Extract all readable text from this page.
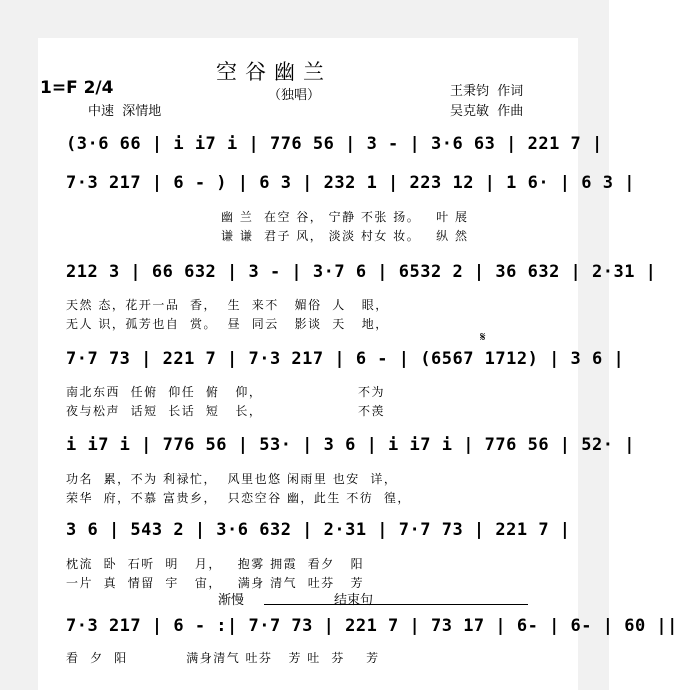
空谷幽兰
（独唱）
1=F 2/4
中速  深情地
王秉钧  作词
吴克敏  作曲
(3·6 66 | i i7 i | 776 56 | 3 - | 3·6 63 | 221 7 |
7·3 217 | 6 - ) | 6 3 | 232 1 | 223 12 | 1 6· | 6 3 |
幽 兰  在空 谷， 宁静 不张 扬。   叶 展
谦 谦  君子 风， 淡淡 村女 妆。   纵 然
212 3 | 66 632 | 3 - | 3·7 6 | 6532 2 | 36 632 | 2·31 |
天然 态，花开一品  香，  生  来不   媚俗  人   眼，
无人 识，孤芳也自  赏。  昼  同云   影谈  天   地，
𝄋
7·7 73 | 221 7 | 7·3 217 | 6 - | (6567 1712) | 3 6 |
南北东西  任俯  仰任  俯   仰，                  不为
夜与松声  话短  长话  短   长，                  不羡
i i7 i | 776 56 | 53· | 3 6 | i i7 i | 776 56 | 52· |
功名  累，不为 利禄忙，  风里也悠 闲雨里 也安  详，
荣华  府，不慕 富贵乡，  只恋空谷 幽，此生 不彷  徨，
3 6 | 543 2 | 3·6 632 | 2·31 | 7·7 73 | 221 7 |
枕流  卧  石听  明   月，   抱雾 拥霞  看夕   阳
一片  真  情留  宇   宙，   满身 清气  吐芬   芳
渐慢	结束句
7·3 217 | 6 - :| 7·7 73 | 221 7 | 73 17 | 6- | 6- | 60 ||
看  夕  阳           满身清气 吐芬   芳 吐  芬    芳
